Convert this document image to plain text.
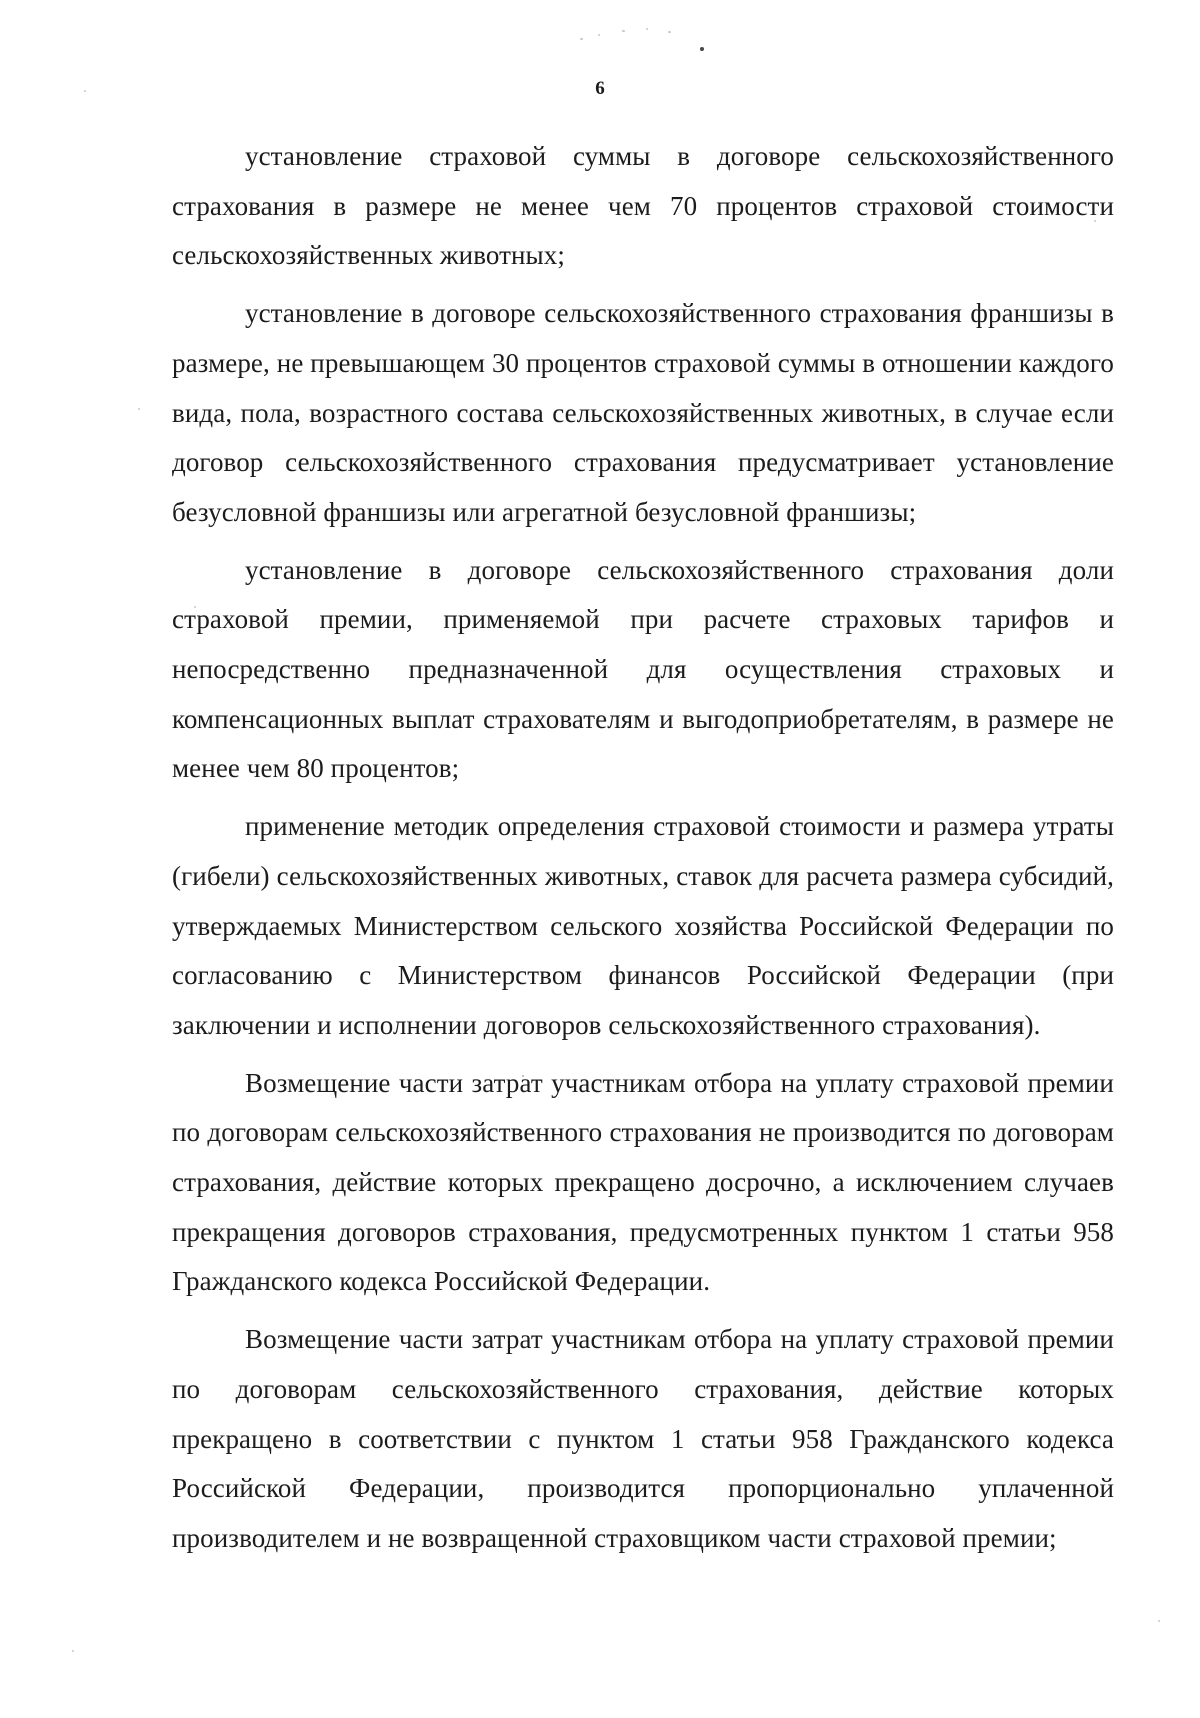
6

установление страховой суммы в договоре сельскохозяйственного страхования в размере не менее чем 70 процентов страховой стоимости сельскохозяйственных животных;

установление в договоре сельскохозяйственного страхования франшизы в размере, не превышающем 30 процентов страховой суммы в отношении каждого вида, пола, возрастного состава сельскохозяйственных животных, в случае если договор сельскохозяйственного страхования предусматривает установление безусловной франшизы или агрегатной безусловной франшизы;

установление в договоре сельскохозяйственного страхования доли страховой премии, применяемой при расчете страховых тарифов и непосредственно предназначенной для осуществления страховых и компенсационных выплат страхователям и выгодоприобретателям, в размере не менее чем 80 процентов;

применение методик определения страховой стоимости и размера утраты (гибели) сельскохозяйственных животных, ставок для расчета размера субсидий, утверждаемых Министерством сельского хозяйства Российской Федерации по согласованию с Министерством финансов Российской Федерации (при заключении и исполнении договоров сельскохозяйственного страхования).

Возмещение части затрат участникам отбора на уплату страховой премии по договорам сельскохозяйственного страхования не производится по договорам страхования, действие которых прекращено досрочно, а исключением случаев прекращения договоров страхования, предусмотренных пунктом 1 статьи 958 Гражданского кодекса Российской Федерации.

Возмещение части затрат участникам отбора на уплату страховой премии по договорам сельскохозяйственного страхования, действие которых прекращено в соответствии с пунктом 1 статьи 958 Гражданского кодекса Российской Федерации, производится пропорционально уплаченной производителем и не возвращенной страховщиком части страховой премии;
